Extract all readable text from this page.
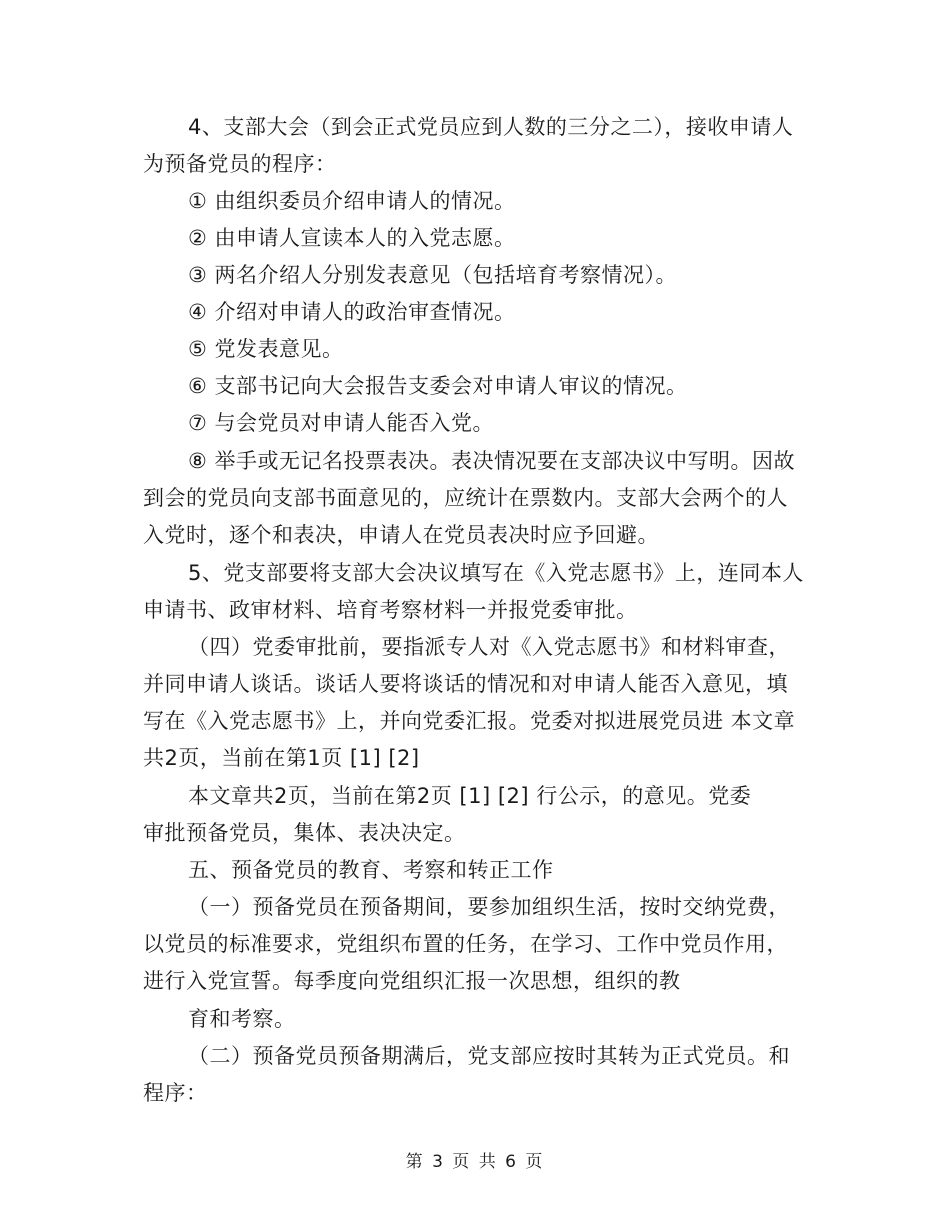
4、支部大会（到会正式党员应到人数的三分之二），接收申请人
为预备党员的程序：
① 由组织委员介绍申请人的情况。
② 由申请人宣读本人的入党志愿。
③ 两名介绍人分别发表意见（包括培育考察情况）。
④ 介绍对申请人的政治审查情况。
⑤ 党发表意见。
⑥ 支部书记向大会报告支委会对申请人审议的情况。
⑦ 与会党员对申请人能否入党。
⑧ 举手或无记名投票表决。表决情况要在支部决议中写明。因故
到会的党员向支部书面意见的，应统计在票数内。支部大会两个的人
入党时，逐个和表决，申请人在党员表决时应予回避。
5、党支部要将支部大会决议填写在《入党志愿书》上，连同本人
申请书、政审材料、培育考察材料一并报党委审批。
（四）党委审批前，要指派专人对《入党志愿书》和材料审查，
并同申请人谈话。谈话人要将谈话的情况和对申请人能否入意见，填
写在《入党志愿书》上，并向党委汇报。党委对拟进展党员进 本文章
共2页，当前在第1页 [1] [2]
本文章共2页，当前在第2页 [1] [2] 行公示，的意见。党委
审批预备党员，集体、表决决定。
五、预备党员的教育、考察和转正工作
（一）预备党员在预备期间，要参加组织生活，按时交纳党费，
以党员的标准要求，党组织布置的任务，在学习、工作中党员作用，
进行入党宣誓。每季度向党组织汇报一次思想，组织的教
育和考察。
（二）预备党员预备期满后，党支部应按时其转为正式党员。和
程序：
第 3 页 共 6 页
